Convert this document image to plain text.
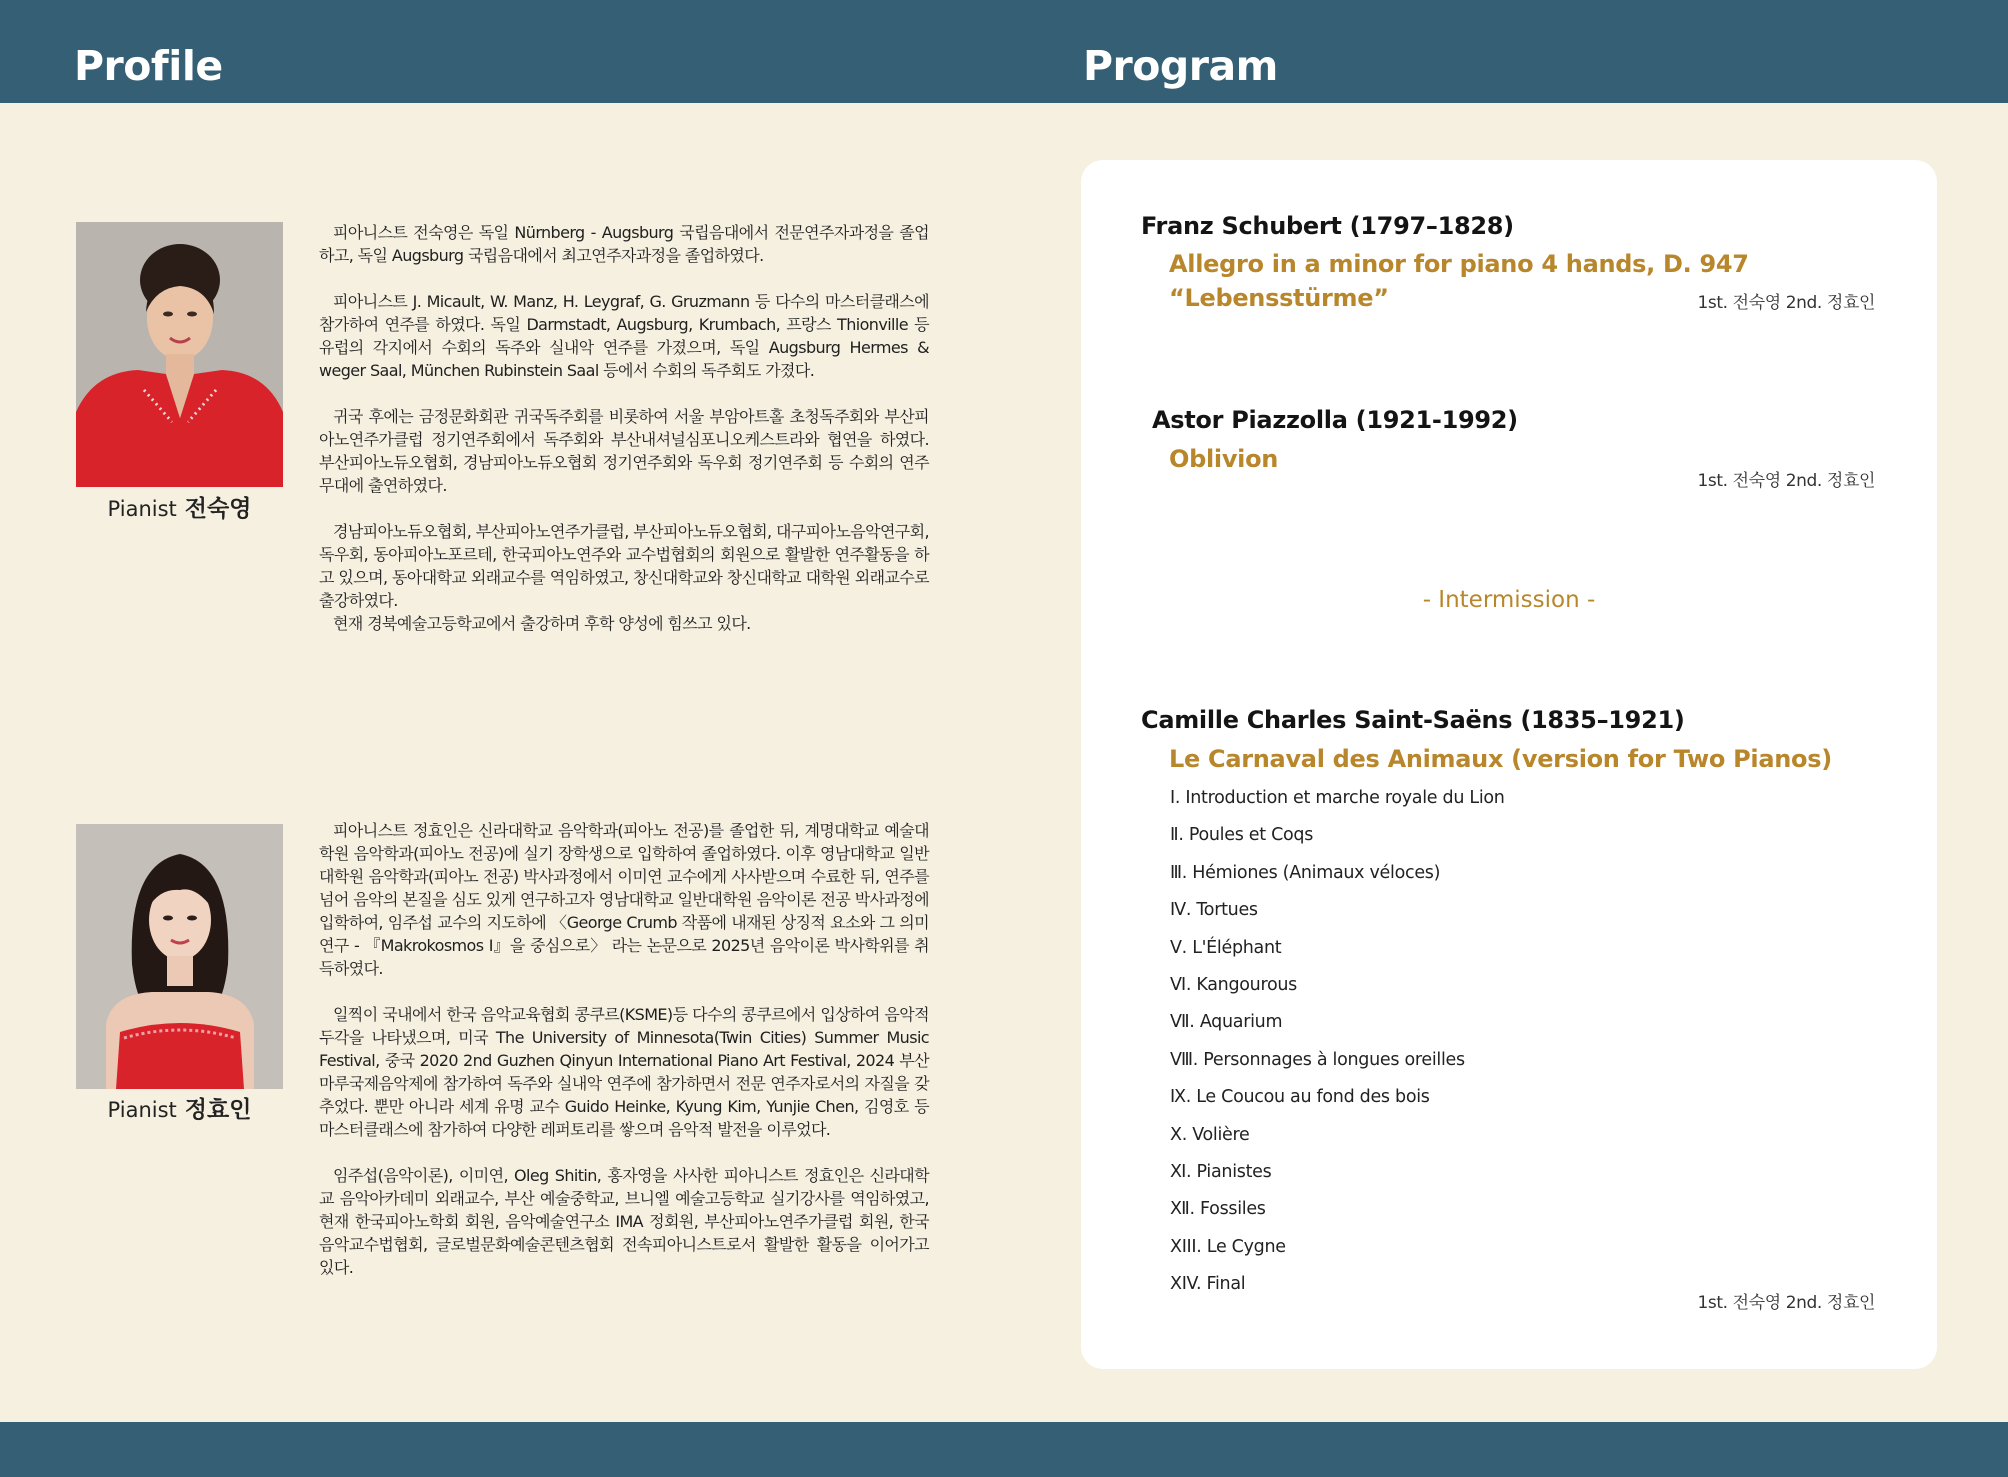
Profile	Program
Pianist 전숙영

피아니스트 전숙영은 독일 Nürnberg - Augsburg 국립음대에서 전문연주자과정을 졸업하고, 독일 Augsburg 국립음대에서 최고연주자과정을 졸업하였다.

피아니스트 J. Micault, W. Manz, H. Leygraf, G. Gruzmann 등 다수의 마스터클래스에 참가하여 연주를 하였다. 독일 Darmstadt, Augsburg, Krumbach, 프랑스 Thionville 등 유럽의 각지에서 수회의 독주와 실내악 연주를 가졌으며, 독일 Augsburg Hermes & weger Saal, München Rubinstein Saal 등에서 수회의 독주회도 가졌다.

귀국 후에는 금정문화회관 귀국독주회를 비롯하여 서울 부암아트홀 초청독주회와 부산피아노연주가클럽 정기연주회에서 독주회와 부산내셔널심포니오케스트라와 협연을 하였다. 부산피아노듀오협회, 경남피아노듀오협회 정기연주회와 독우회 정기연주회 등 수회의 연주무대에 출연하였다.

경남피아노듀오협회, 부산피아노연주가클럽, 부산피아노듀오협회, 대구피아노음악연구회, 독우회, 동아피아노포르테, 한국피아노연주와 교수법협회의 회원으로 활발한 연주활동을 하고 있으며, 동아대학교 외래교수를 역임하였고, 창신대학교와 창신대학교 대학원 외래교수로 출강하였다.

현재 경북예술고등학교에서 출강하며 후학 양성에 힘쓰고 있다.

Pianist 정효인

피아니스트 정효인은 신라대학교 음악학과(피아노 전공)를 졸업한 뒤, 계명대학교 예술대학원 음악학과(피아노 전공)에 실기 장학생으로 입학하여 졸업하였다. 이후 영남대학교 일반대학원 음악학과(피아노 전공) 박사과정에서 이미연 교수에게 사사받으며 수료한 뒤, 연주를 넘어 음악의 본질을 심도 있게 연구하고자 영남대학교 일반대학원 음악이론 전공 박사과정에 입학하여, 임주섭 교수의 지도하에 〈George Crumb 작품에 내재된 상징적 요소와 그 의미 연구 - 『Makrokosmos I』을 중심으로〉 라는 논문으로 2025년 음악이론 박사학위를 취득하였다.

일찍이 국내에서 한국 음악교육협회 콩쿠르(KSME)등 다수의 콩쿠르에서 입상하여 음악적 두각을 나타냈으며, 미국 The University of Minnesota(Twin Cities) Summer Music Festival, 중국 2020 2nd Guzhen Qinyun International Piano Art Festival, 2024 부산마루국제음악제에 참가하여 독주와 실내악 연주에 참가하면서 전문 연주자로서의 자질을 갖추었다. 뿐만 아니라 세계 유명 교수 Guido Heinke, Kyung Kim, Yunjie Chen, 김영호 등 마스터클래스에 참가하여 다양한 레퍼토리를 쌓으며 음악적 발전을 이루었다.

임주섭(음악이론), 이미연, Oleg Shitin, 홍자영을 사사한 피아니스트 정효인은 신라대학교 음악아카데미 외래교수, 부산 예술중학교, 브니엘 예술고등학교 실기강사를 역임하였고, 현재 한국피아노학회 회원, 음악예술연구소 IMA 정회원, 부산피아노연주가클럽 회원, 한국음악교수법협회, 글로벌문화예술콘텐츠협회 전속피아니스트로서 활발한 활동을 이어가고 있다.

Franz Schubert (1797–1828)
Allegro in a minor for piano 4 hands, D. 947 “Lebensstürme”	1st. 전숙영 2nd. 정효인
Astor Piazzolla (1921-1992)
Oblivion
1st. 전숙영 2nd. 정효인
- Intermission -
Camille Charles Saint-Saëns (1835–1921)
Le Carnaval des Animaux (version for Two Pianos)
Ⅰ. Introduction et marche royale du Lion
Ⅱ. Poules et Coqs
Ⅲ. Hémiones (Animaux véloces)
Ⅳ. Tortues
Ⅴ. L'Éléphant
Ⅵ. Kangourous
Ⅶ. Aquarium
Ⅷ. Personnages à longues oreilles
Ⅸ. Le Coucou au fond des bois
Ⅹ. Volière
Ⅺ. Pianistes
Ⅻ. Fossiles
XIII. Le Cygne
XIV. Final
1st. 전숙영 2nd. 정효인
